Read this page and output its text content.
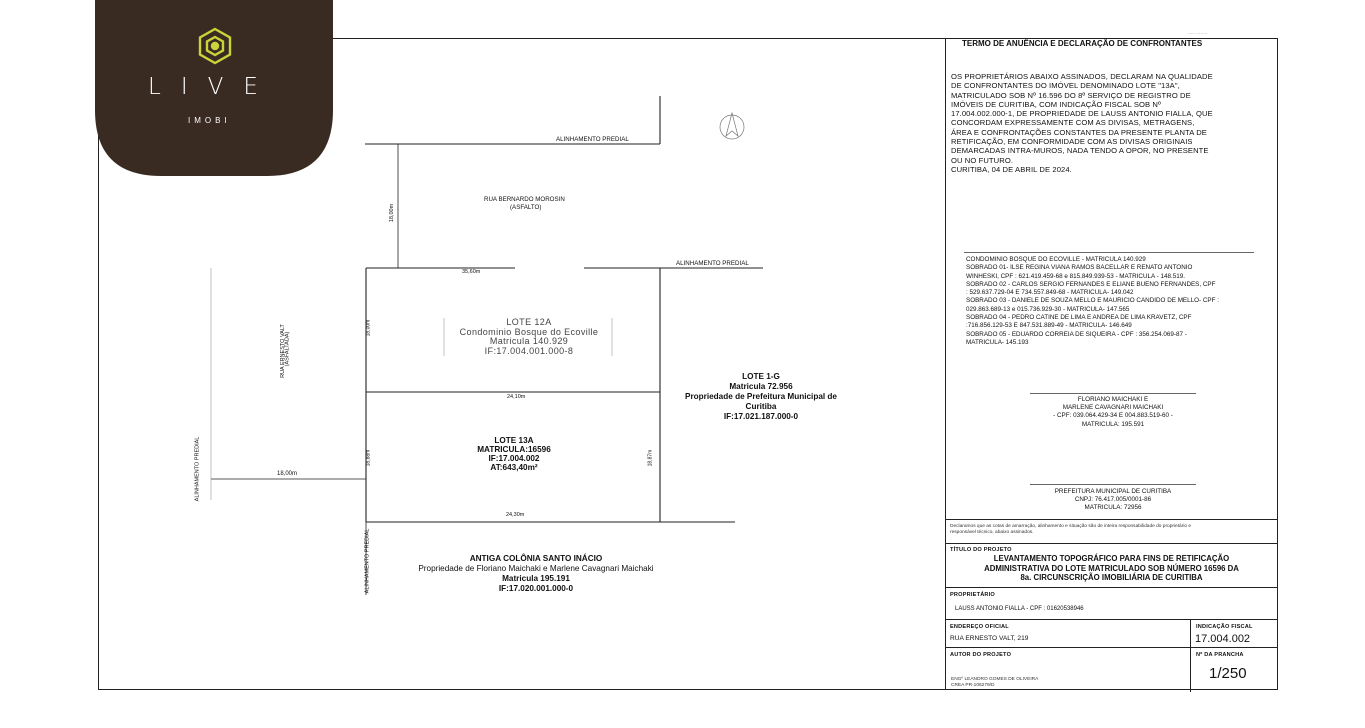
..... ........
ALINHAMENTO PREDIAL
ALINHAMENTO PREDIAL
RUA BERNARDO MOROSIN
(ASFALTO)
18,00m
RUA ERNESTO VALT
(ASFALTADA)
ALINHAMENTO PREDIAL
ALINHAMENTO PREDIAL
35,60m
18,00m
24,10m
18,88m	18,87m
24,30m
18,00m
LOTE 12A
Condominio Bosque do Ecoville
Matricula 140.929
IF:17.004.001.000-8
LOTE 13A
MATRICULA:16596
IF:17.004.002
AT:643,40m²
LOTE 1-G
Matricula 72.956
Propriedade de Prefeitura Municipal de
Curitiba
IF:17.021.187.000-0
ANTIGA COLÔNIA SANTO INÁCIO
Propriedade de Floriano Maichaki e Marlene Cavagnari Maichaki
Matricula 195.191
IF:17.020.001.000-0
TERMO DE ANUÊNCIA E DECLARAÇÃO DE CONFRONTANTES
OS PROPRIETÁRIOS ABAIXO ASSINADOS, DECLARAM NA QUALIDADE
DE CONFRONTANTES DO IMÓVEL DENOMINADO LOTE "13A",
MATRICULADO SOB Nº 16.596 DO 8º SERVIÇO DE REGISTRO DE
IMÓVEIS DE CURITIBA, COM INDICAÇÃO FISCAL SOB Nº
17.004.002.000-1, DE PROPRIEDADE DE LAUSS ANTONIO FIALLA, QUE
CONCORDAM EXPRESSAMENTE COM AS DIVISAS, METRAGENS,
ÁREA E CONFRONTAÇÕES CONSTANTES DA PRESENTE PLANTA DE
RETIFICAÇÃO, EM CONFORMIDADE COM AS DIVISAS ORIGINAIS
DEMARCADAS INTRA-MUROS, NADA TENDO A OPOR, NO PRESENTE
OU NO FUTURO.
CURITIBA, 04 DE ABRIL DE 2024.
CONDOMINIO BOSQUE DO ECOVILLE - MATRICULA 140.929
SOBRADO 01- ILSE REGINA VIANA RAMOS BACELLAR E RENATO ANTONIO
WINHESKI, CPF : 621.419.459-68 e 815.849.939-53 - MATRICULA - 148.519.
SOBRADO 02 - CARLOS SERGIO FERNANDES E ELIANE BUENO FERNANDES, CPF
: 529.637.729-04 E 734.557.849-68 - MATRICULA- 149.042
SOBRADO 03 - DANIELE DE SOUZA MELLO E MAURICIO CANDIDO DE MELLO- CPF :
029.863.689-13 e 015.736.929-30 - MATRICULA- 147.565
SOBRADO 04 - PEDRO CATINE DE LIMA E ANDREA DE LIMA KRAVETZ, CPF
:716.856.129-53 E 847.531.889-49 - MATRICULA- 146.649
SOBRADO 05 - EDUARDO CORREIA DE SIQUEIRA - CPF : 356.254.069-87 -
MATRICULA- 145.193
FLORIANO MAICHAKI E
MARLENE CAVAGNARI MAICHAKI
- CPF: 039.064.429-34 E 004.883.519-60 -
MATRICULA: 195.591
PREFEITURA MUNICIPAL DE CURITIBA
CNPJ: 76.417.005/0001-86
MATRICULA: 72956
Declaramos que as cotas de amarração, alinhamento e situação são de inteira responsabilidade do proprietário e
responsável técnico, abaixo assinados.
TÍTULO DO PROJETO
LEVANTAMENTO TOPOGRÁFICO PARA FINS DE RETIFICAÇÃO
ADMINISTRATIVA DO LOTE MATRICULADO SOB NÚMERO 16596 DA
8a. CIRCUNSCRIÇÃO IMOBILIÁRIA DE CURITIBA
PROPRIETÁRIO
LAUSS ANTONIO FIALLA - CPF : 01620538946
ENDEREÇO OFICIAL
RUA ERNESTO VALT, 219
INDICAÇÃO FISCAL
17.004.002
AUTOR DO PROJETO
ENGº LEANDRO GOMES DE OLIVEIRA
CREA PR-106279/D
Nº DA PRANCHA
1/250
LIVE
IMOBI
